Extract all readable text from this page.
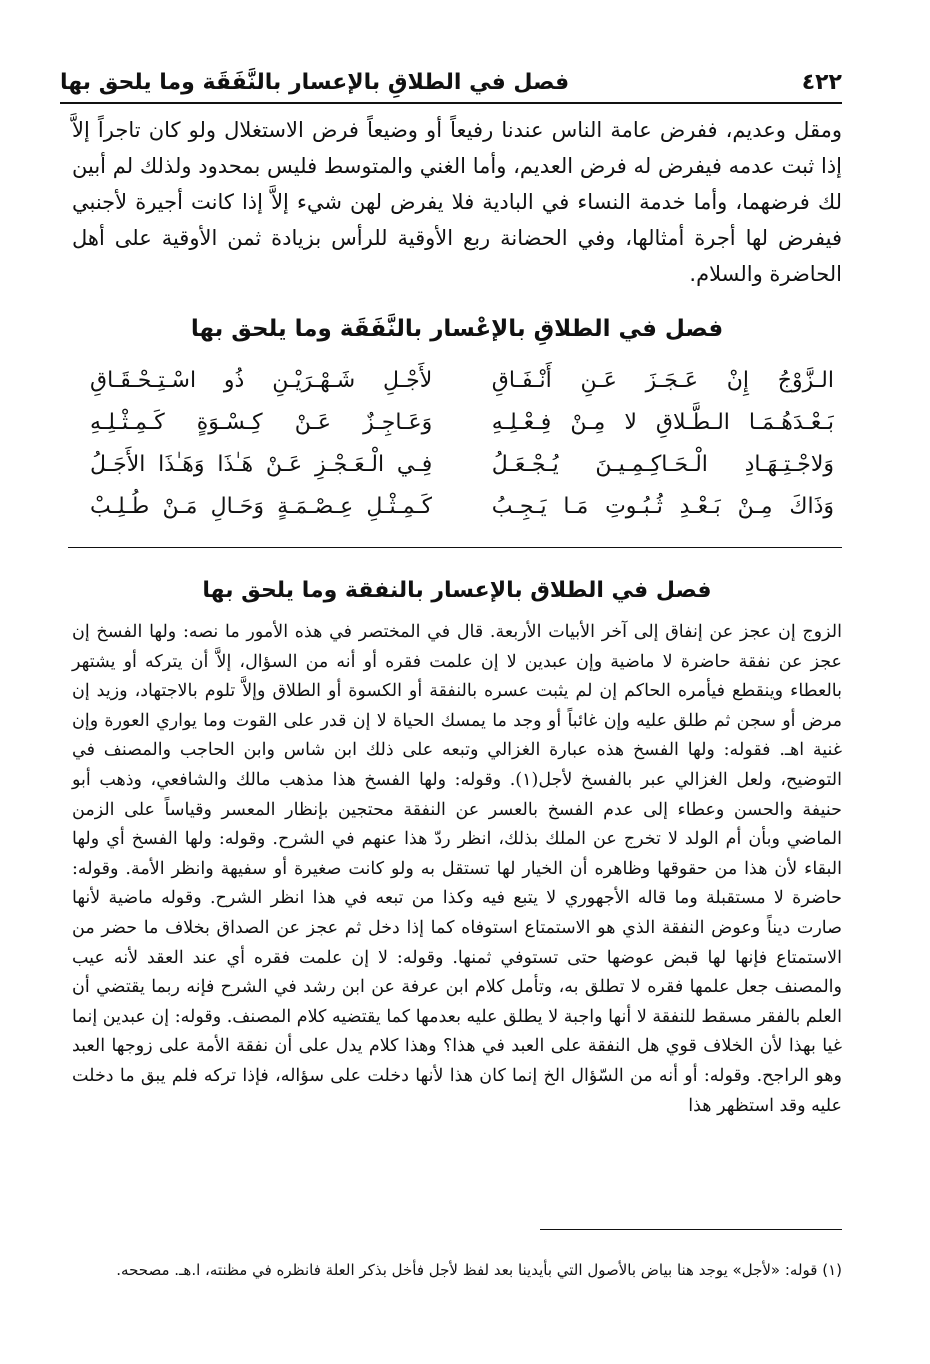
٤٢٢
فصل في الطلاقِ بالإعسار بالنَّفَقَة وما يلحق بها

ومقل وعديم، ففرض عامة الناس عندنا رفيعاً أو وضيعاً فرض الاستغلال ولو كان تاجراً إلاَّ إذا ثبت عدمه فيفرض له فرض العديم، وأما الغني والمتوسط فليس بمحدود ولذلك لم أبين لك فرضهما، وأما خدمة النساء في البادية فلا يفرض لهن شيء إلاَّ إذا كانت أجيرة لأجنبي فيفرض لها أجرة أمثالها، وفي الحضانة ربع الأوقية للرأس بزيادة ثمن الأوقية على أهل الحاضرة والسلام.

فصل في الطلاقِ بالإعْسار بالنَّفَقَة وما يلحق بها
الـزَّوْجُ إِنْ عَـجَـزَ عَـنِ أَنْـفَـاقِ
لأَجْـلِ شَـهْـرَيْـنِ ذُو اسْـتِـحْـقَـاقِ
بَـعْـدَهُـمَـا الـطَّـلاقِ لا مِـنْ فِـعْـلِـهِ
وَعَـاجِـزٌ عَـنْ كِـسْـوَةٍ كَـمِـثْـلِـهِ
وَلاجْـتِـهَـادِ الْـحَـاكِـمِـيـنَ يُـجْـعَـلُ
فِـي الْـعَـجْـزِ عَـنْ هَـٰذَا وَهَـٰذَا الأَجَـلُ
وَذَاكَ مِـنْ بَـعْـدِ ثُـبُـوتِ مَـا يَـجِـبُ
كَـمِـثْـلِ عِـصْـمَـةٍ وَحَـالِ مَـنْ طُـلِـبْ
فصل في الطلاق بالإعسار بالنفقة وما يلحق بها

الزوج إن عجز عن إنفاق إلى آخر الأبيات الأربعة. قال في المختصر في هذه الأمور ما نصه: ولها الفسخ إن عجز عن نفقة حاضرة لا ماضية وإن عبدين لا إن علمت فقره أو أنه من السؤال، إلاَّ أن يتركه أو يشتهر بالعطاء وينقطع فيأمره الحاكم إن لم يثبت عسره بالنفقة أو الكسوة أو الطلاق وإلاَّ تلوم بالاجتهاد، وزيد إن مرض أو سجن ثم طلق عليه وإن غائباً أو وجد ما يمسك الحياة لا إن قدر على القوت وما يواري العورة وإن غنية اهـ. فقوله: ولها الفسخ هذه عبارة الغزالي وتبعه على ذلك ابن شاس وابن الحاجب والمصنف في التوضيح، ولعل الغزالي عبر بالفسخ لأجل(١). وقوله: ولها الفسخ هذا مذهب مالك والشافعي، وذهب أبو حنيفة والحسن وعطاء إلى عدم الفسخ بالعسر عن النفقة محتجين بإنظار المعسر وقياساً على الزمن الماضي وبأن أم الولد لا تخرج عن الملك بذلك، انظر ردّ هذا عنهم في الشرح. وقوله: ولها الفسخ أي ولها البقاء لأن هذا من حقوقها وظاهره أن الخيار لها تستقل به ولو كانت صغيرة أو سفيهة وانظر الأمة. وقوله: حاضرة لا مستقبلة وما قاله الأجهوري لا يتبع فيه وكذا من تبعه في هذا انظر الشرح. وقوله ماضية لأنها صارت ديناً وعوض النفقة الذي هو الاستمتاع استوفاه كما إذا دخل ثم عجز عن الصداق بخلاف ما حضر من الاستمتاع فإنها لها قبض عوضها حتى تستوفي ثمنها. وقوله: لا إن علمت فقره أي عند العقد لأنه عيب والمصنف جعل علمها فقره لا تطلق به، وتأمل كلام ابن عرفة عن ابن رشد في الشرح فإنه ربما يقتضي أن العلم بالفقر مسقط للنفقة لا أنها واجبة لا يطلق عليه بعدمها كما يقتضيه كلام المصنف. وقوله: إن عبدين إنما غيا بهذا لأن الخلاف قوي هل النفقة على العبد في هذا؟ وهذا كلام يدل على أن نفقة الأمة على زوجها العبد وهو الراجح. وقوله: أو أنه من السّؤال الخ إنما كان هذا لأنها دخلت على سؤاله، فإذا تركه فلم يبق ما دخلت عليه وقد استظهر هذا

(١) قوله: «لأجل» يوجد هنا بياض بالأصول التي بأيدينا بعد لفظ لأجل فأخل بذكر العلة فانظره في مظنته، ا.هـ. مصححه.
